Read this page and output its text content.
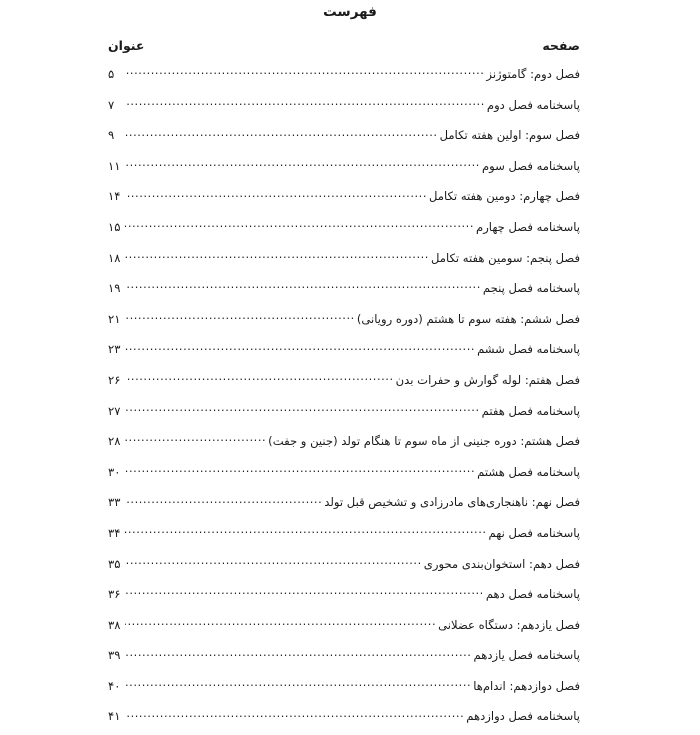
فهرست
عنوان	صفحه
فصل دوم: گامتوژنز
.....
۵
پاسخنامه فصل دوم
.....
۷
فصل سوم: اولین هفته تکامل
.....
۹
پاسخنامه فصل سوم
.....
۱۱
فصل چهارم: دومین هفته تکامل
.....
۱۴
پاسخنامه فصل چهارم
.....
۱۵
فصل پنجم: سومین هفته تکامل
.....
۱۸
پاسخنامه فصل پنجم
.....
۱۹
فصل ششم: هفته سوم تا هشتم (دوره رویانی)
.....
۲۱
پاسخنامه فصل ششم
.....
۲۳
فصل هفتم: لوله گوارش و حفرات بدن
.....
۲۶
پاسخنامه فصل هفتم
.....
۲۷
فصل هشتم: دوره جنینی از ماه سوم تا هنگام تولد (جنین و جفت)
.....
۲۸
پاسخنامه فصل هشتم
.....
۳۰
فصل نهم: ناهنجاری‌های مادرزادی و تشخیص قبل تولد
.....
۳۳
پاسخنامه فصل نهم
.....
۳۴
فصل دهم: استخوان‌بندی محوری
.....
۳۵
پاسخنامه فصل دهم
.....
۳۶
فصل یازدهم: دستگاه عضلانی
.....
۳۸
پاسخنامه فصل یازدهم
.....
۳۹
فصل دوازدهم: اندام‌ها
.....
۴۰
پاسخنامه فصل دوازدهم
.....
۴۱
